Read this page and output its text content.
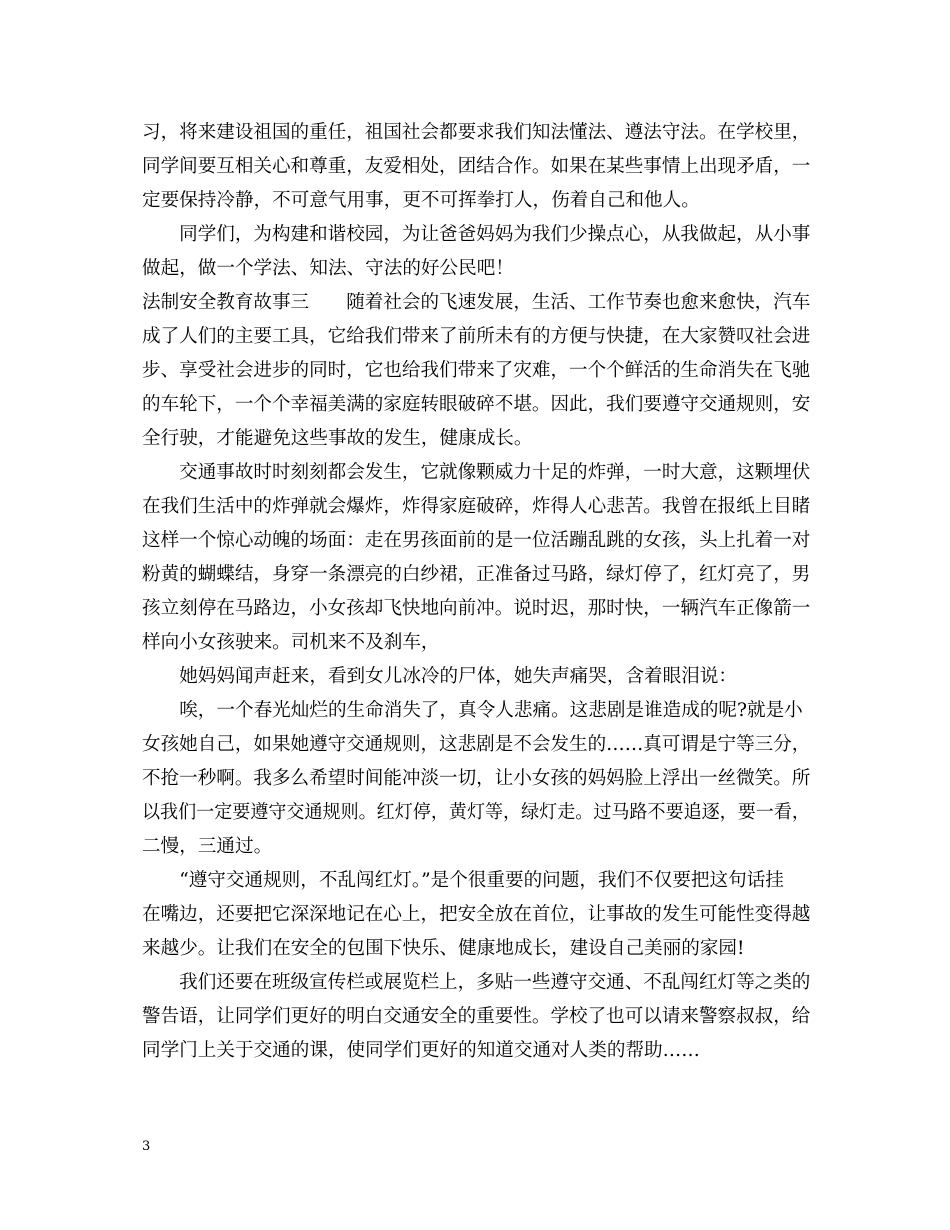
习，将来建设祖国的重任，祖国社会都要求我们知法懂法、遵法守法。在学校里，
同学间要互相关心和尊重，友爱相处，团结合作。如果在某些事情上出现矛盾，一
定要保持冷静，不可意气用事，更不可挥拳打人，伤着自己和他人。
　　同学们，为构建和谐校园，为让爸爸妈妈为我们少操点心，从我做起，从小事
做起，做一个学法、知法、守法的好公民吧！
法制安全教育故事三　　随着社会的飞速发展，生活、工作节奏也愈来愈快，汽车
成了人们的主要工具，它给我们带来了前所未有的方便与快捷，在大家赞叹社会进
步、享受社会进步的同时，它也给我们带来了灾难，一个个鲜活的生命消失在飞驰
的车轮下，一个个幸福美满的家庭转眼破碎不堪。因此，我们要遵守交通规则，安
全行驶，才能避免这些事故的发生，健康成长。
　　交通事故时时刻刻都会发生，它就像颗威力十足的炸弹，一时大意，这颗埋伏
在我们生活中的炸弹就会爆炸，炸得家庭破碎，炸得人心悲苦。我曾在报纸上目睹
这样一个惊心动魄的场面：走在男孩面前的是一位活蹦乱跳的女孩，头上扎着一对
粉黄的蝴蝶结，身穿一条漂亮的白纱裙，正准备过马路，绿灯停了，红灯亮了，男
孩立刻停在马路边，小女孩却飞快地向前冲。说时迟，那时快，一辆汽车正像箭一
样向小女孩驶来。司机来不及刹车，
　　她妈妈闻声赶来，看到女儿冰冷的尸体，她失声痛哭，含着眼泪说：
　　唉，一个春光灿烂的生命消失了，真令人悲痛。这悲剧是谁造成的呢?就是小
女孩她自己，如果她遵守交通规则，这悲剧是不会发生的……真可谓是宁等三分，
不抢一秒啊。我多么希望时间能冲淡一切，让小女孩的妈妈脸上浮出一丝微笑。所
以我们一定要遵守交通规则。红灯停，黄灯等，绿灯走。过马路不要追逐，要一看，
二慢，三通过。
　　“遵守交通规则，不乱闯红灯。”是个很重要的问题，我们不仅要把这句话挂
在嘴边，还要把它深深地记在心上，把安全放在首位，让事故的发生可能性变得越
来越少。让我们在安全的包围下快乐、健康地成长，建设自己美丽的家园!
　　我们还要在班级宣传栏或展览栏上，多贴一些遵守交通、不乱闯红灯等之类的
警告语，让同学们更好的明白交通安全的重要性。学校了也可以请来警察叔叔，给
同学门上关于交通的课，使同学们更好的知道交通对人类的帮助……
3
